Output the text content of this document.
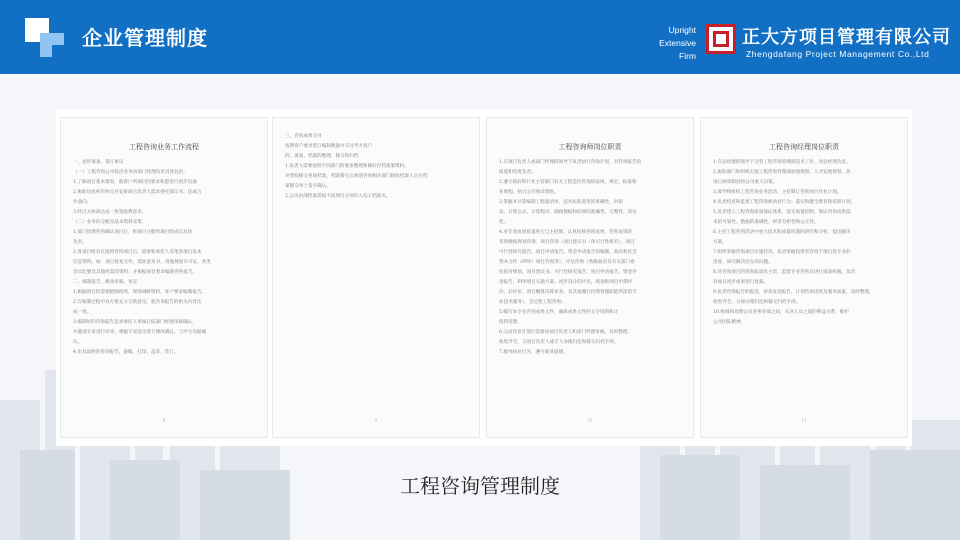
企业管理制度	Upright
Extensive
Firm
正大方项目管理有限公司
Zhengdafang Project Management Co.,Ltd
工程咨询业务工作流程
一、初步准备，签订协议
（一）工程咨询公司接洽业务由部门经理负责具体包括：
1.了解项目基本情况，就客户所项目的要求和愿进行初步沟通
2.协助达成初步协议并安排项目负责人需求委托拟议书、达成合
作意向。
3.经过方协商达成一致签收费意见。
（二）业务的分配及基本资料采集
1.部门经理咨询确认项目后，将项目分配给项目组成员具体
负责。
2.各项目组有在接到咨询项目后，需要和委托人采集各项目基本
信息资料，如：项目批复文件、选址意见书、用地规划许可证、各类
会议纪要及其他所需的资料；并根据项目要求编制咨询报告。
二、编制报告，修改审核，审定
1.根据项目的需要踏勘现场，现场调研资料，客户要求编制报告。
2.在编制过程中双方要充分交换意见，就咨询报告的相关内容达
成一致。
3.编制好的咨询报告征求委托人审核后报部门经理审核确认，
并邀请专家进行评审。根据专家意见进行修改确认，与甲方沟通确
认。
4.出具最终的咨询报告，备编、打印、盖章、装订。
8
三、咨询成果交付
按照客户要求装订编制数量并交付甲方客户
四、备案、档案的整理、移交和归档
1.负责人需要按照不同部门的要求整理和做好存档备案资料，
并型收移交各项档案，档案移交后须请咨询相关部门接收档案人员在档
案移交单上签字确认。
2.公司由部档案需按不同项目分别存入电子档案夹。
9
工程咨询师岗位职责
1.在项目负责人或部门经理的领导下负责执行咨询计划，对咨询报告的
质量和进度负责。
2.遵守政府和行业主管部门有关工程造价咨询的法规、规定、标准和
业规程，执行公司规章制度。
3.掌握并计算编制工程量清单、技术标准选用的准确性，对拟
法、计算公式、计算程序、确保数据和结果的准确性、完整性、真实
性。
4.对专业成果质量进行自主控制，认真校核咨询成果，咨询成果的
各项数据规划咨询，项目咨询（项目建议书（预可行性研究），项目
可行性研究报告，项目申请报告、资金申请报告的编制，政府和社会
资本合作（PPP）项目咨询等），评估咨询（各级政府及有关部门委
托的对规划、项目建议书、可行性研究报告、项目申请报告、资金申
请报告、PPP项目实施方案、初步设计的评估，规划和项目中期评
价，后评价，项目概算决算审查，及其他履行投资管理职能所需的专
业技术服务），全过程工程咨询；
5.编写本专业咨询成果文件，确保成果文件的文字说明和计
值得清楚。
6.完成作业计划后需要由项目负责人和部门经理审核，及时整理，
收集齐全，交项目负责人或专人办理归还和移交归档手续。
7.服务执业行为，遵守职业道德。
10
工程咨询经理岗位职责
1.在总经理的领导下分管工程咨询管理部技术工作，对总经理负责。
2.协助部门和组织实施工程咨询管理部加强规划、人才发展规划，各
项目规章制度和公司重大决策。
3.领导和组织工程咨询业务活动，主持制订咨询项目作业计划。
4.负责检查和监督工程咨询师执业行为；落实和健全教育和培训计划。
5.负责建立工程咨询质量保证体系，落实质量控制，保证咨询成果技
术的可靠性、数据的准确性，经济分析性和公正性。
6.主持工程咨询活动中重大技术和质量问题的研究和分析，提出解决
方案。
7.组织掌握咨询项目实施状况，负责掌握投资者咨询于项目各专业的
进度、研究解决存在的问题。
8.对咨询项目的咨询质量负主责，监督专业咨询员进行质量校核；负责
对项目初步成果进行复核。
9.负责咨询报告的报送，审查发送报告，计划咨询进度及服务质量，及时整理，
收集齐全，分部办理归还和移交归档手续。
10.协调和处理公司各事业部之间，从业人员之间的利益关系，维护
公司团队精神。
11
工程咨询管理制度
